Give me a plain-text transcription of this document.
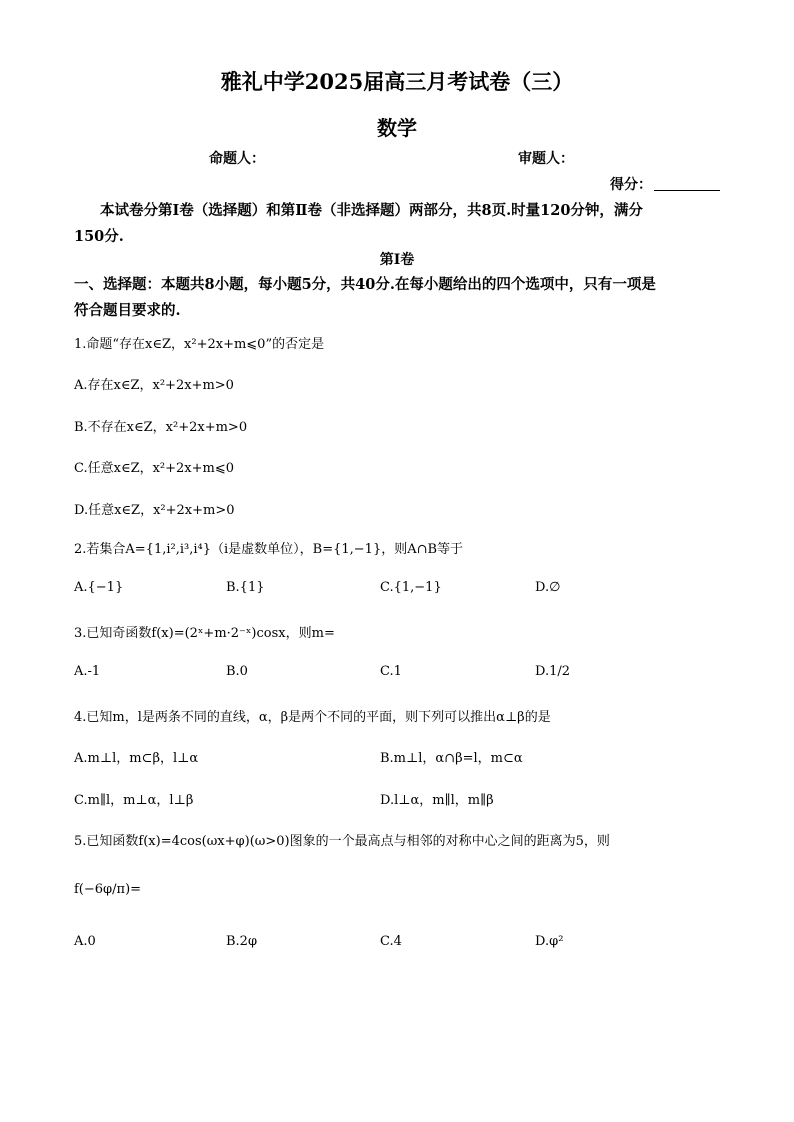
雅礼中学2025届高三月考试卷（三）
数学
命题人：	审题人：
得分：
本试卷分第Ⅰ卷（选择题）和第Ⅱ卷（非选择题）两部分，共8页.时量120分钟，满分
150分.
第Ⅰ卷
一、选择题：本题共8小题，每小题5分，共40分.在每小题给出的四个选项中，只有一项是
符合题目要求的.
1.命题“存在x∈Z，x²+2x+m⩽0”的否定是
A.存在x∈Z，x²+2x+m>0
B.不存在x∈Z，x²+2x+m>0
C.任意x∈Z，x²+2x+m⩽0
D.任意x∈Z，x²+2x+m>0
2.若集合A={1,i²,i³,i⁴}（i是虚数单位），B={1,−1}，则A∩B等于
A.{−1}	B.{1}	C.{1,−1}	D.∅
3.已知奇函数f(x)=(2ˣ+m·2⁻ˣ)cosx，则m=
A.-1	B.0	C.1	D.1/2
4.已知m，l是两条不同的直线，α，β是两个不同的平面，则下列可以推出α⊥β的是
A.m⊥l，m⊂β，l⊥α	B.m⊥l，α∩β=l，m⊂α
C.m∥l，m⊥α，l⊥β	D.l⊥α，m∥l，m∥β
5.已知函数f(x)=4cos(ωx+φ)(ω>0)图象的一个最高点与相邻的对称中心之间的距离为5，则
f(−6φ/π)=
A.0	B.2φ	C.4	D.φ²
